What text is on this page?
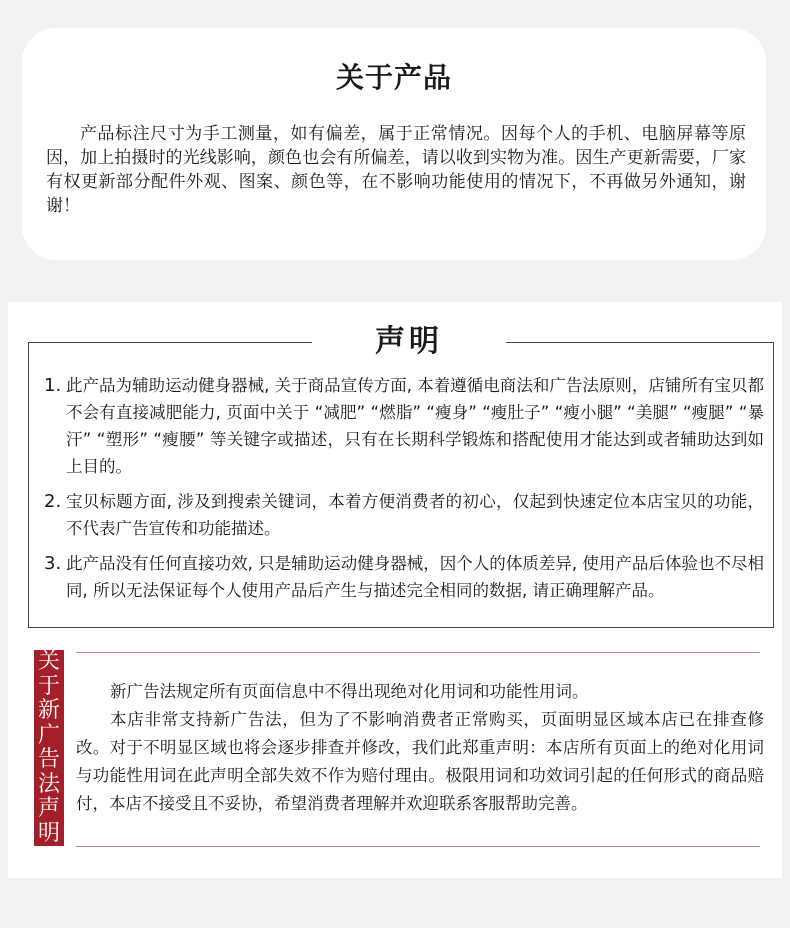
关于产品

产品标注尺寸为手工测量，如有偏差，属于正常情况。因每个人的手机、电脑屏幕等原因，加上拍摄时的光线影响，颜色也会有所偏差，请以收到实物为准。因生产更新需要，厂家有权更新部分配件外观、图案、颜色等，在不影响功能使用的情况下，不再做另外通知，谢谢！

声明
1. 此产品为辅助运动健身器械, 关于商品宣传方面, 本着遵循电商法和广告法原则，店铺所有宝贝都不会有直接减肥能力, 页面中关于 “减肥” “燃脂” “瘦身” “瘦肚子” “瘦小腿” “美腿” “瘦腿” “暴汗” “塑形” “瘦腰” 等关键字或描述，只有在长期科学锻炼和搭配使用才能达到或者辅助达到如上目的。
2. 宝贝标题方面, 涉及到搜索关键词，本着方便消费者的初心，仅起到快速定位本店宝贝的功能，不代表广告宣传和功能描述。
3. 此产品没有任何直接功效, 只是辅助运动健身器械，因个人的体质差异, 使用产品后体验也不尽相同, 所以无法保证每个人使用产品后产生与描述完全相同的数据, 请正确理解产品。
关于新广告法声明

新广告法规定所有页面信息中不得出现绝对化用词和功能性用词。

本店非常支持新广告法，但为了不影响消费者正常购买，页面明显区域本店已在排查修改。对于不明显区域也将会逐步排查并修改，我们此郑重声明：本店所有页面上的绝对化用词与功能性用词在此声明全部失效不作为赔付理由。极限用词和功效词引起的任何形式的商品赔付，本店不接受且不妥协，希望消费者理解并欢迎联系客服帮助完善。
